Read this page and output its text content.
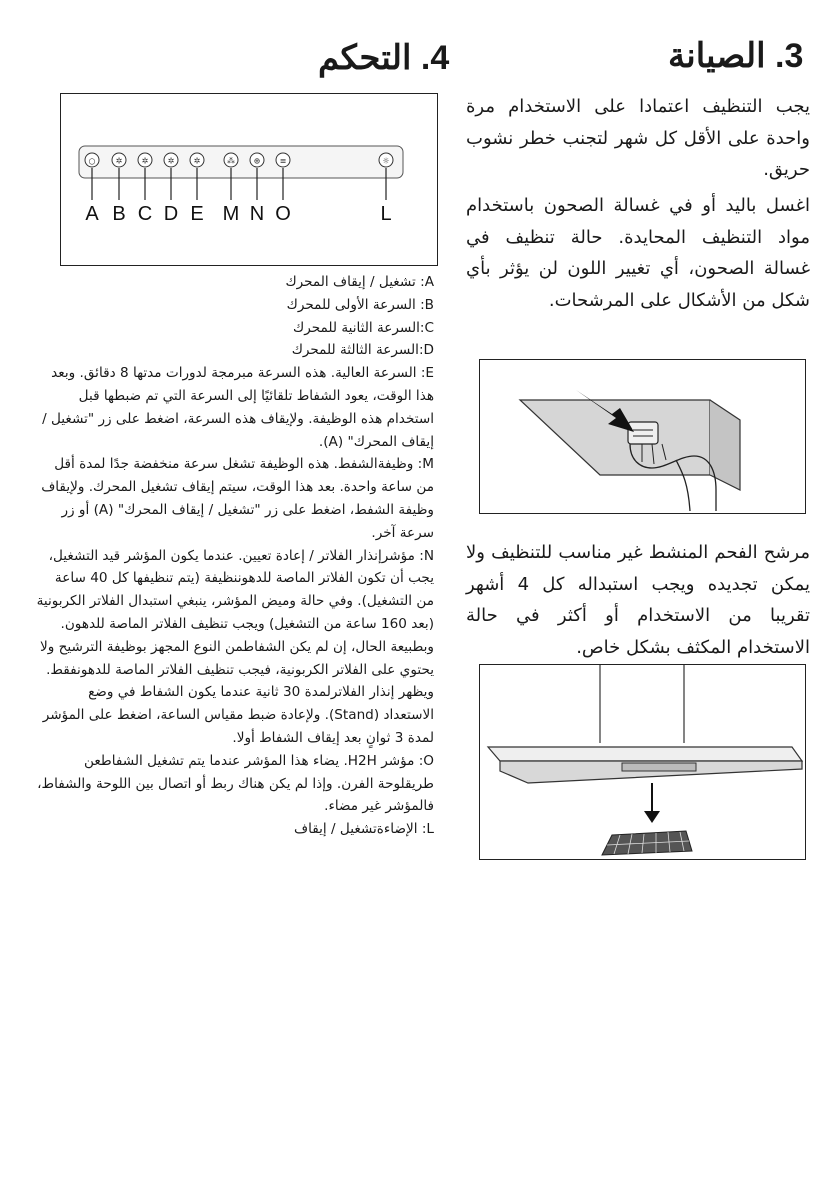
3. الصيانة
4. التحكم

يجب التنظيف اعتمادا على الاستخدام مرة واحدة على الأقل كل شهر لتجنب خطر نشوب حريق.

اغسل باليد أو في غسالة الصحون باستخدام مواد التنظيف المحايدة. حالة تنظيف في غسالة الصحون، أي تغيير اللون لن يؤثر بأي شكل من الأشكال على المرشحات.

مرشح الفحم المنشط غير مناسب للتنظيف ولا يمكن تجديده ويجب استبداله كل 4 أشهر تقريبا من الاستخدام أو أكثر في حالة الاستخدام المكثف بشكل خاص.

○	✲ ✲ ✲ ✲	⁂ ⊕ ≡	☼
A B C D E M N O	L

A: تشغيل / إيقاف المحرك

B: السرعة الأولى للمحرك

C:السرعة الثانية للمحرك

D:السرعة الثالثة للمحرك

E: السرعة العالية. هذه السرعة مبرمجة لدورات مدتها 8 دقائق. وبعد هذا الوقت، يعود الشفاط تلقائيًا إلى السرعة التي تم ضبطها قبل استخدام هذه الوظيفة. ولإيقاف هذه السرعة، اضغط على زر "تشغيل / إيقاف المحرك" (A).

M: وظيفةالشفط. هذه الوظيفة تشغل سرعة منخفضة جدًا لمدة أقل من ساعة واحدة. بعد هذا الوقت، سيتم إيقاف تشغيل المحرك. ولإيقاف وظيفة الشفط، اضغط على زر "تشغيل / إيقاف المحرك" (A) أو زر سرعة آخر.

N: مؤشرإنذار الفلاتر / إعادة تعيين. عندما يكون المؤشر قيد التشغيل، يجب أن تكون الفلاتر الماصة للدهوننظيفة (يتم تنظيفها كل 40 ساعة من التشغيل). وفي حالة وميض المؤشر، ينبغي استبدال الفلاتر الكربونية (بعد 160 ساعة من التشغيل) ويجب تنظيف الفلاتر الماصة للدهون. وبطبيعة الحال، إن لم يكن الشفاطمن النوع المجهز بوظيفة الترشيح ولا يحتوي على الفلاتر الكربونية، فيجب تنظيف الفلاتر الماصة للدهونفقط. ويظهر إنذار الفلاترلمدة 30 ثانية عندما يكون الشفاط في وضع الاستعداد (Stand). ولإعادة ضبط مقياس الساعة، اضغط على المؤشر لمدة 3 ثوانٍ بعد إيقاف الشفاط أولا.

O: مؤشر H2H. يضاء هذا المؤشر عندما يتم تشغيل الشفاطعن طريقلوحة الفرن. وإذا لم يكن هناك ربط أو اتصال بين اللوحة والشفاط، فالمؤشر غير مضاء.

L: الإضاءةتشغيل / إيقاف
